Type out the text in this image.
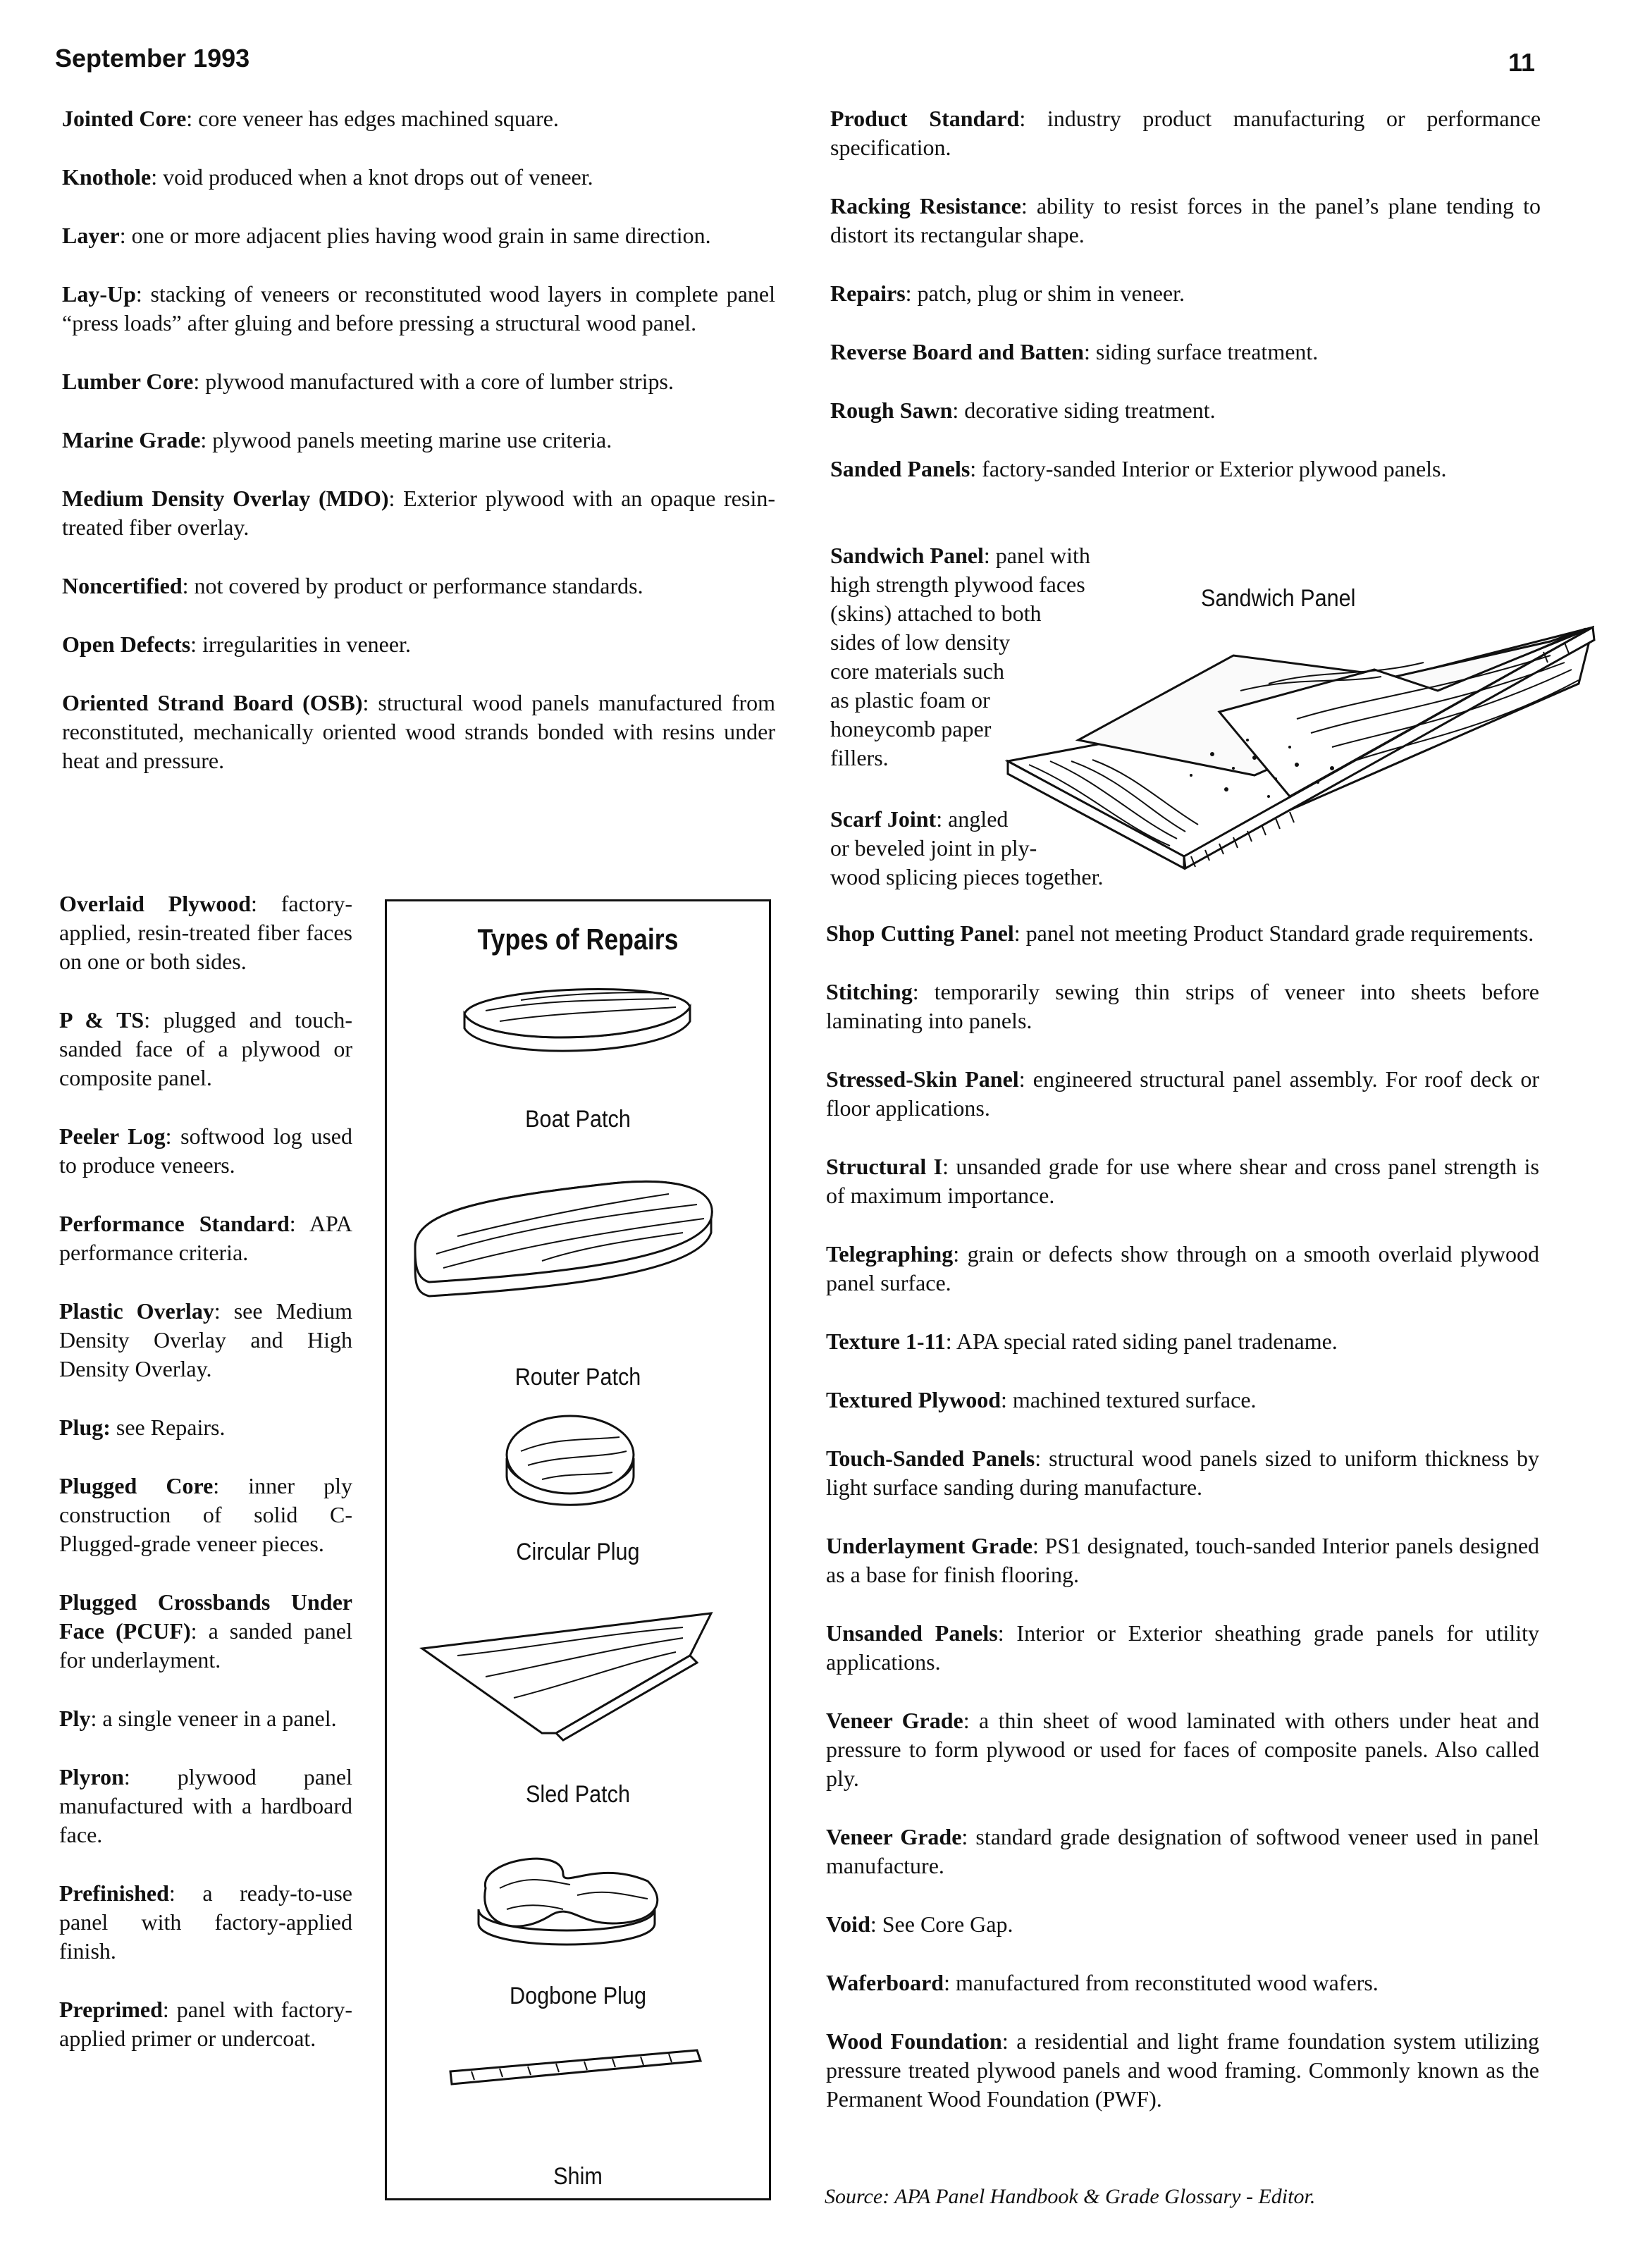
September 1993	11

Jointed Core: core veneer has edges machined square.

Knothole: void produced when a knot drops out of veneer.

Layer: one or more adjacent plies having wood grain in same direction.

Lay-Up: stacking of veneers or reconstituted wood layers in complete panel “press loads” after gluing and before pressing a structural wood panel.

Lumber Core: plywood manufactured with a core of lumber strips.

Marine Grade: plywood panels meeting marine use criteria.

Medium Density Overlay (MDO): Exterior plywood with an opaque resin-treated fiber overlay.

Noncertified: not covered by product or performance standards.

Open Defects: irregularities in veneer.

Oriented Strand Board (OSB): structural wood panels manufactured from reconstituted, mechanically oriented wood strands bonded with resins under heat and pressure.

Overlaid Plywood: factory-applied, resin-treated fiber faces on one or both sides.

P & TS: plugged and touch-sanded face of a plywood or composite panel.

Peeler Log: softwood log used to produce veneers.

Performance Standard: APA performance criteria.

Plastic Overlay: see Medium Density Overlay and High Density Overlay.

Plug: see Repairs.

Plugged Core: inner ply construction of solid C-Plugged-grade veneer pieces.

Plugged Crossbands Under Face (PCUF): a sanded panel for underlayment.

Ply: a single veneer in a panel.

Plyron: plywood panel manufactured with a hardboard face.

Prefinished: a ready-to-use panel with factory-applied finish.

Preprimed: panel with factory-applied primer or undercoat.

Product Standard: industry product manufacturing or performance specification.

Racking Resistance: ability to resist forces in the panel’s plane tending to distort its rectangular shape.

Repairs: patch, plug or shim in veneer.

Reverse Board and Batten: siding surface treatment.

Rough Sawn: decorative siding treatment.

Sanded Panels: factory-sanded Interior or Exterior plywood panels.

Shop Cutting Panel: panel not meeting Product Standard grade requirements.

Stitching: temporarily sewing thin strips of veneer into sheets before laminating into panels.

Stressed-Skin Panel: engineered structural panel assembly. For roof deck or floor applications.

Structural I: unsanded grade for use where shear and cross panel strength is of maximum importance.

Telegraphing: grain or defects show through on a smooth overlaid plywood panel surface.

Texture 1-11: APA special rated siding panel tradename.

Textured Plywood: machined textured surface.

Touch-Sanded Panels: structural wood panels sized to uniform thickness by light surface sanding during manufacture.

Underlayment Grade: PS1 designated, touch-sanded Interior panels designed as a base for finish flooring.

Unsanded Panels: Interior or Exterior sheathing grade panels for utility applications.

Veneer Grade: a thin sheet of wood laminated with others under heat and pressure to form plywood or used for faces of composite panels. Also called ply.

Veneer Grade: standard grade designation of softwood veneer used in panel manufacture.

Void: See Core Gap.

Waferboard: manufactured from reconstituted wood wafers.

Wood Foundation: a residential and light frame foundation system utilizing pressure treated plywood panels and wood framing. Commonly known as the Permanent Wood Foundation (PWF).

Sandwich Panel: panel with
high strength plywood faces
(skins) attached to both
sides of low density
core materials such
as plastic foam or
honeycomb paper
fillers.
Scarf Joint: angled
or beveled joint in ply-
wood splicing pieces together.
Sandwich Panel
Types of Repairs
Boat Patch
Router Patch
Circular Plug
Sled Patch
Dogbone Plug
Shim
Source: APA Panel Handbook & Grade Glossary - Editor.
